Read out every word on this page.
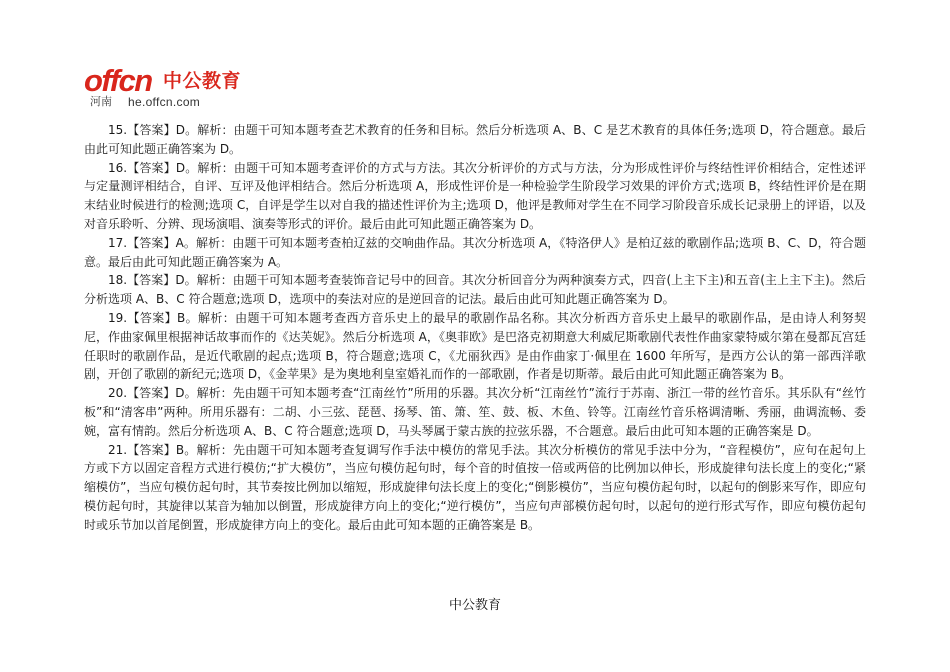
offcn 中公教育
河南 he.offcn.com

15.【答案】D。解析：由题干可知本题考查艺术教育的任务和目标。然后分析选项 A、B、C 是艺术教育的具体任务;选项 D，符合题意。最后由此可知此题正确答案为 D。

16.【答案】D。解析：由题干可知本题考查评价的方式与方法。其次分析评价的方式与方法，分为形成性评价与终结性评价相结合，定性述评与定量测评相结合，自评、互评及他评相结合。然后分析选项 A，形成性评价是一种检验学生阶段学习效果的评价方式;选项 B，终结性评价是在期末结业时候进行的检测;选项 C，自评是学生以对自我的描述性评价为主;选项 D，他评是教师对学生在不同学习阶段音乐成长记录册上的评语，以及对音乐聆听、分辨、现场演唱、演奏等形式的评价。最后由此可知此题正确答案为 D。

17.【答案】A。解析：由题干可知本题考查柏辽兹的交响曲作品。其次分析选项 A，《特洛伊人》是柏辽兹的歌剧作品;选项 B、C、D，符合题意。最后由此可知此题正确答案为 A。

18.【答案】D。解析：由题干可知本题考查装饰音记号中的回音。其次分析回音分为两种演奏方式，四音(上主下主)和五音(主上主下主)。然后分析选项 A、B、C 符合题意;选项 D，选项中的奏法对应的是逆回音的记法。最后由此可知此题正确答案为 D。

19.【答案】B。解析：由题干可知本题考查西方音乐史上的最早的歌剧作品名称。其次分析西方音乐史上最早的歌剧作品，是由诗人利努契尼，作曲家佩里根据神话故事而作的《达芙妮》。然后分析选项 A，《奥菲欧》是巴洛克初期意大利威尼斯歌剧代表性作曲家蒙特威尔第在曼都瓦宫廷任职时的歌剧作品，是近代歌剧的起点;选项 B，符合题意;选项 C，《尤丽狄西》是由作曲家丁·佩里在 1600 年所写，是西方公认的第一部西洋歌剧，开创了歌剧的新纪元;选项 D，《金苹果》是为奥地利皇室婚礼而作的一部歌剧，作者是切斯蒂。最后由此可知此题正确答案为 B。

20.【答案】D。解析：先由题干可知本题考查“江南丝竹”所用的乐器。其次分析“江南丝竹”流行于苏南、浙江一带的丝竹音乐。其乐队有“丝竹板”和“清客串”两种。所用乐器有：二胡、小三弦、琵琶、扬琴、笛、箫、笙、鼓、板、木鱼、铃等。江南丝竹音乐格调清晰、秀丽，曲调流畅、委婉，富有情韵。然后分析选项 A、B、C 符合题意;选项 D，马头琴属于蒙古族的拉弦乐器，不合题意。最后由此可知本题的正确答案是 D。

21.【答案】B。解析：先由题干可知本题考查复调写作手法中模仿的常见手法。其次分析模仿的常见手法中分为，“音程模仿”，应句在起句上方或下方以固定音程方式进行模仿;“扩大模仿”，当应句模仿起句时，每个音的时值按一倍或两倍的比例加以伸长，形成旋律句法长度上的变化;“紧缩模仿”，当应句模仿起句时，其节奏按比例加以缩短，形成旋律句法长度上的变化;“倒影模仿”，当应句模仿起句时，以起句的倒影来写作，即应句模仿起句时，其旋律以某音为轴加以倒置，形成旋律方向上的变化;“逆行模仿”，当应句声部模仿起句时，以起句的逆行形式写作，即应句模仿起句时或乐节加以首尾倒置，形成旋律方向上的变化。最后由此可知本题的正确答案是 B。

中公教育
